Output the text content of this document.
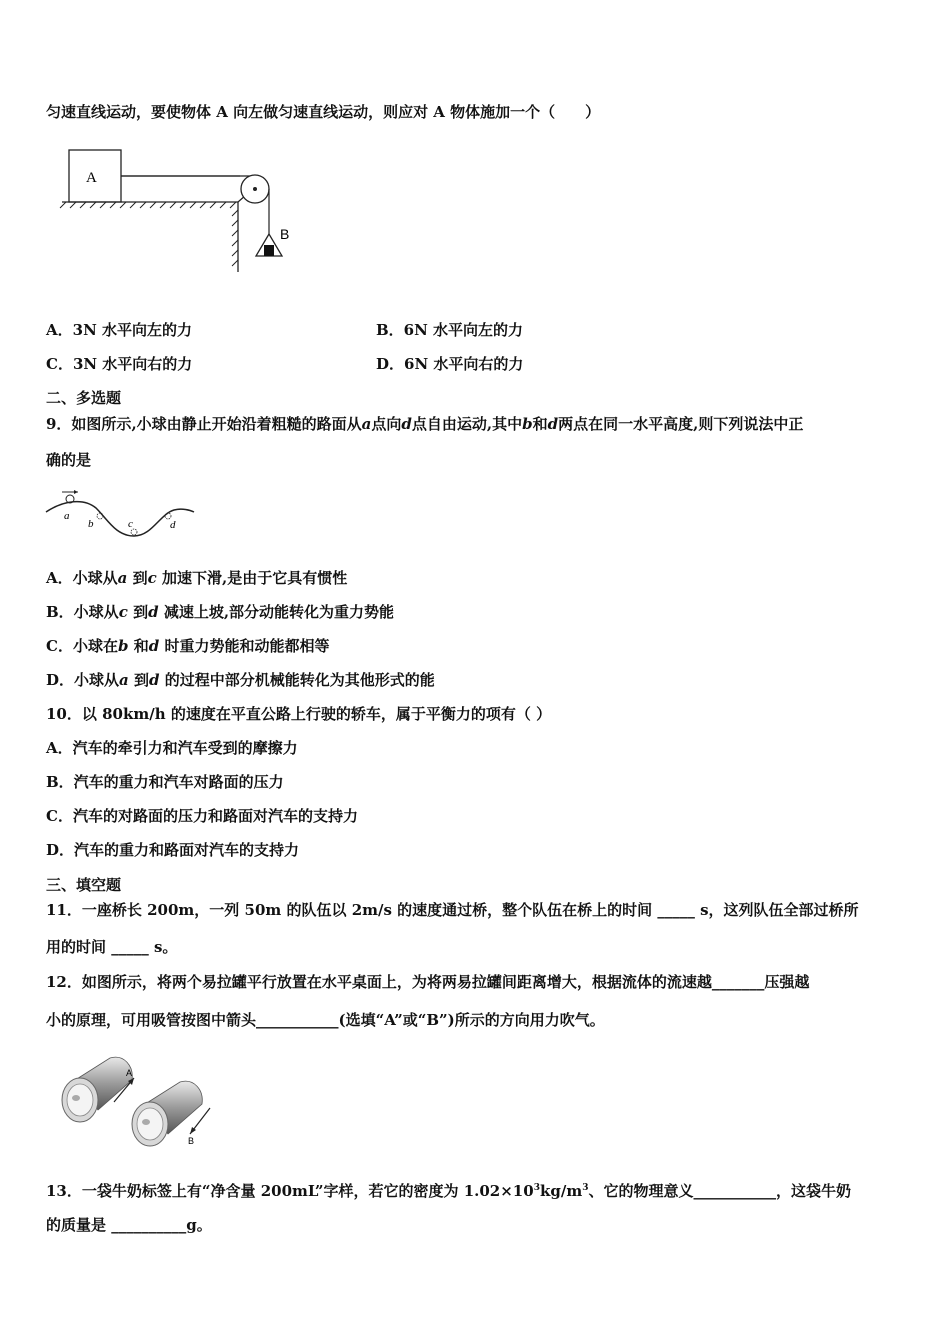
匀速直线运动，要使物体 A 向左做匀速直线运动，则应对 A 物体施加一个（　　）
A
B
A．3N 水平向左的力	B．6N 水平向左的力
C．3N 水平向右的力	D．6N 水平向右的力
二、多选题
9．如图所示,小球由静止开始沿着粗糙的路面从a点向d点自由运动,其中b和d两点在同一水平高度,则下列说法中正
确的是
a
b	c	d
A．小球从a 到c 加速下滑,是由于它具有惯性
B．小球从c 到d 减速上坡,部分动能转化为重力势能
C．小球在b 和d 时重力势能和动能都相等
D．小球从a 到d 的过程中部分机械能转化为其他形式的能
10．以 80km/h 的速度在平直公路上行驶的轿车，属于平衡力的项有（ ）
A．汽车的牵引力和汽车受到的摩擦力
B．汽车的重力和汽车对路面的压力
C．汽车的对路面的压力和路面对汽车的支持力
D．汽车的重力和路面对汽车的支持力
三、填空题
11．一座桥长 200m，一列 50m 的队伍以 2m/s 的速度通过桥，整个队伍在桥上的时间 _____ s，这列队伍全部过桥所
用的时间 _____ s。
12．如图所示，将两个易拉罐平行放置在水平桌面上，为将两易拉罐间距离增大，根据流体的流速越_______压强越
小的原理，可用吸管按图中箭头___________(选填“A”或“B”)所示的方向用力吹气。
A
B
13．一袋牛奶标签上有“净含量 200mL”字样，若它的密度为 $1.02\times 10^3kg/m^3$、它的物理意义___________，这袋牛奶
的质量是 __________g。
